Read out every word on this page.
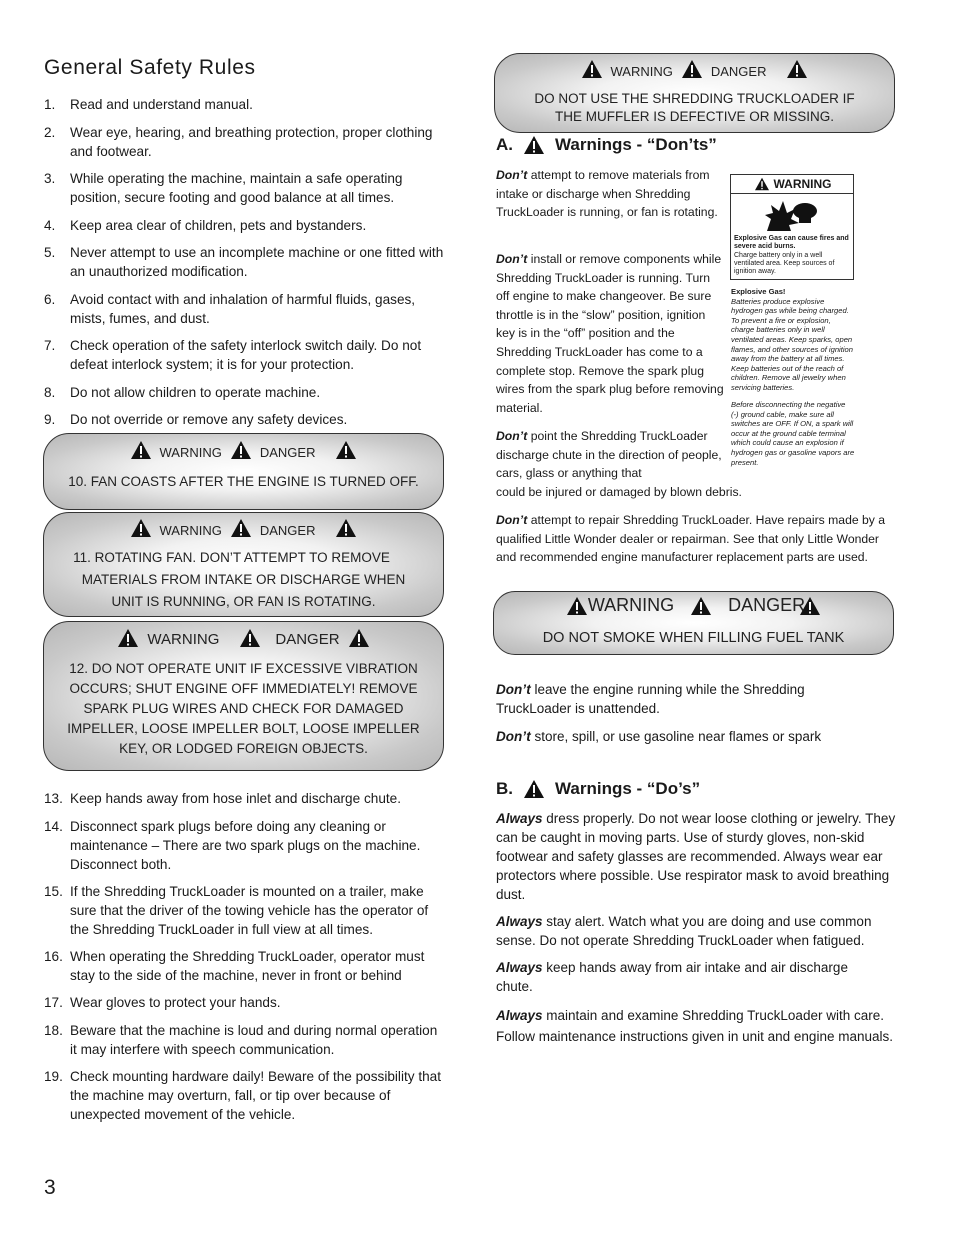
General Safety Rules
1.	Read and understand manual.
2.	Wear eye, hearing, and breathing protection, proper clothing and footwear.
3.	While operating the machine, maintain a safe operating position, secure footing and good balance at all times.
4.	Keep area clear of children, pets and bystanders.
5.	Never attempt to use an incomplete machine or one fitted with an unauthorized modification.
6.	Avoid contact with and inhalation of harmful fluids, gases, mists, fumes, and dust.
7.	Check operation of the safety interlock switch daily. Do not defeat interlock system; it is for your protection.
8.	Do not allow children to operate machine.
9.	Do not override or remove any safety devices.
WARNING	DANGER
10. FAN COASTS AFTER THE ENGINE IS TURNED OFF.
WARNING	DANGER
11. ROTATING FAN. DON’T ATTEMPT TO REMOVE
MATERIALS FROM INTAKE OR DISCHARGE WHEN
UNIT IS RUNNING, OR FAN IS ROTATING.
WARNING	DANGER
12. DO NOT OPERATE UNIT IF EXCESSIVE VIBRATION
OCCURS; SHUT ENGINE OFF IMMEDIATELY! REMOVE
SPARK PLUG WIRES AND CHECK FOR DAMAGED
IMPELLER, LOOSE IMPELLER BOLT, LOOSE IMPELLER
KEY, OR LODGED FOREIGN OBJECTS.
13. Keep hands away from hose inlet and discharge chute.
14. Disconnect spark plugs before doing any cleaning or maintenance – There are two spark plugs on the machine. Disconnect both.
15. If the Shredding TruckLoader is mounted on a trailer, make sure that the driver of the towing vehicle has the operator of the Shredding TruckLoader in full view at all times.
16. When operating the Shredding TruckLoader, operator must stay to the side of the machine, never in front or behind
17. Wear gloves to protect your hands.
18. Beware that the machine is loud and during normal operation it may interfere with speech communication.
19. Check mounting hardware daily! Beware of the possibility that the machine may overturn, fall, or tip over because of unexpected movement of the vehicle.
WARNING	DANGER
DO NOT USE THE SHREDDING TRUCKLOADER IF
THE MUFFLER IS DEFECTIVE OR MISSING.
A. Warnings - “Don’ts”
Don’t attempt to remove materials from intake or discharge when Shredding TruckLoader is running, or fan is rotating.
Don’t install or remove components while Shredding TruckLoader is running. Turn off engine to make changeover. Be sure throttle is in the “slow” position, ignition key is in the “off” position and the Shredding TruckLoader has come to a complete stop. Remove the spark plug wires from the spark plug before removing material.
Don’t point the Shredding TruckLoader discharge chute in the direction of people, cars, glass or anything that
could be injured or damaged by blown debris.
WARNING
Explosive Gas can cause fires and severe acid burns.
Charge battery only in a well ventilated area. Keep sources of ignition away.
Explosive Gas!
Batteries produce explosive hydrogen gas while being charged. To prevent a fire or explosion, charge batteries only in well ventilated areas. Keep sparks, open flames, and other sources of ignition away from the battery at all times. Keep batteries out of the reach of children. Remove all jewelry when servicing batteries.
Before disconnecting the negative (-) ground cable, make sure all switches are OFF. If ON, a spark will occur at the ground cable terminal which could cause an explosion if hydrogen gas or gasoline vapors are present.
Don’t attempt to repair Shredding TruckLoader. Have repairs made by a qualified Little Wonder dealer or repairman. See that only Little Wonder and recommended engine manufacturer replacement parts are used.
WARNING	DANGER
DO NOT SMOKE WHEN FILLING FUEL TANK
Don’t leave the engine running while the Shredding TruckLoader is unattended.
Don’t store, spill, or use gasoline near flames or spark
B. Warnings - “Do’s”
Always dress properly. Do not wear loose clothing or jewelry. They can be caught in moving parts. Use of sturdy gloves, non-skid footwear and safety glasses are recommended. Always wear ear protectors where possible. Use respirator mask to avoid breathing dust.
Always stay alert. Watch what you are doing and use common sense. Do not operate Shredding TruckLoader when fatigued.
Always keep hands away from air intake and air discharge chute.
Always maintain and examine Shredding TruckLoader with care. Follow maintenance instructions given in unit and engine manuals.
3
